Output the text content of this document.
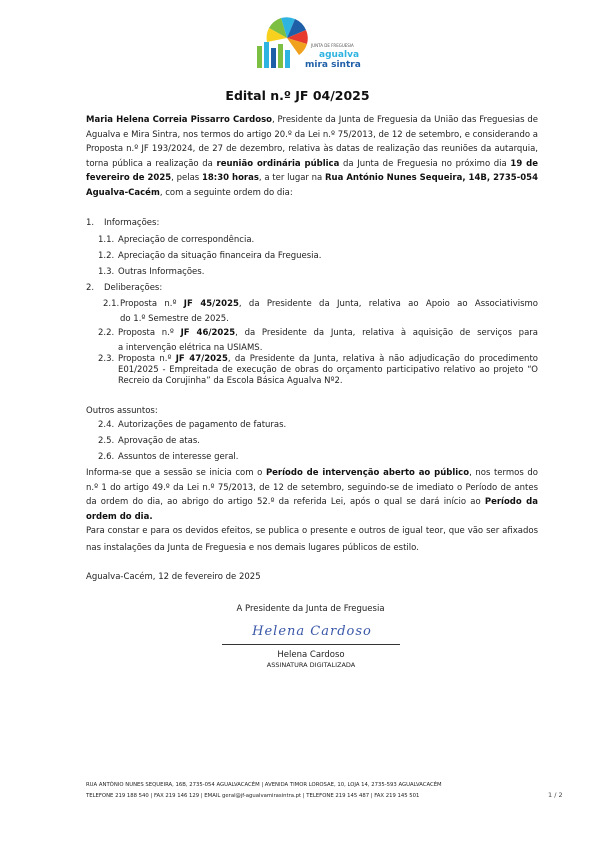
JUNTA DE FREGUESIA
agualva
mira sintra
Edital n.º JF 04/2025
Maria Helena Correia Pissarro Cardoso, Presidente da Junta de Freguesia da União das Freguesias de Agualva e Mira Sintra, nos termos do artigo 20.º da Lei n.º 75/2013, de 12 de setembro, e considerando a Proposta n.º JF 193/2024, de 27 de dezembro, relativa às datas de realização das reuniões da autarquia, torna pública a realização da reunião ordinária pública da Junta de Freguesia no próximo dia 19 de fevereiro de 2025, pelas 18:30 horas, a ter lugar na Rua António Nunes Sequeira, 14B, 2735-054 Agualva-Cacém, com a seguinte ordem do dia:
1. Informações:
1.1. Apreciação de correspondência.
1.2. Apreciação da situação financeira da Freguesia.
1.3. Outras Informações.
2. Deliberações:
2.1.Proposta n.º JF 45/2025, da Presidente da Junta, relativa ao Apoio ao Associativismo
do 1.º Semestre de 2025.
2.2. Proposta n.º JF 46/2025, da Presidente da Junta, relativa à aquisição de serviços para
a intervenção elétrica na USIAMS.
2.3. Proposta n.º JF 47/2025, da Presidente da Junta, relativa à não adjudicação do procedimento E01/2025 - Empreitada de execução de obras do orçamento participativo relativo ao projeto “O Recreio da Corujinha” da Escola Básica Agualva Nº2.
Outros assuntos:
2.4. Autorizações de pagamento de faturas.
2.5. Aprovação de atas.
2.6. Assuntos de interesse geral.
Informa-se que a sessão se inicia com o Período de intervenção aberto ao público, nos termos do n.º 1 do artigo 49.º da Lei n.º 75/2013, de 12 de setembro, seguindo-se de imediato o Período de antes da ordem do dia, ao abrigo do artigo 52.º da referida Lei, após o qual se dará início ao Período da ordem do dia.
Para constar e para os devidos efeitos, se publica o presente e outros de igual teor, que vão ser afixados nas instalações da Junta de Freguesia e nos demais lugares públicos de estilo.
Agualva-Cacém, 12 de fevereiro de 2025
A Presidente da Junta de Freguesia
Helena Cardoso
Helena Cardoso
ASSINATURA DIGITALIZADA
RUA ANTÓNIO NUNES SEQUEIRA, 16B, 2735-054 AGUALVACACÉM | AVENIDA TIMOR LOROSAE, 10, LOJA 14, 2735-593 AGUALVACACÉM
TELEFONE 219 188 540 | FAX 219 146 129 | EMAIL geral@jf-agualvamirasintra.pt | TELEFONE 219 145 487 | FAX 219 145 501	1 / 2
